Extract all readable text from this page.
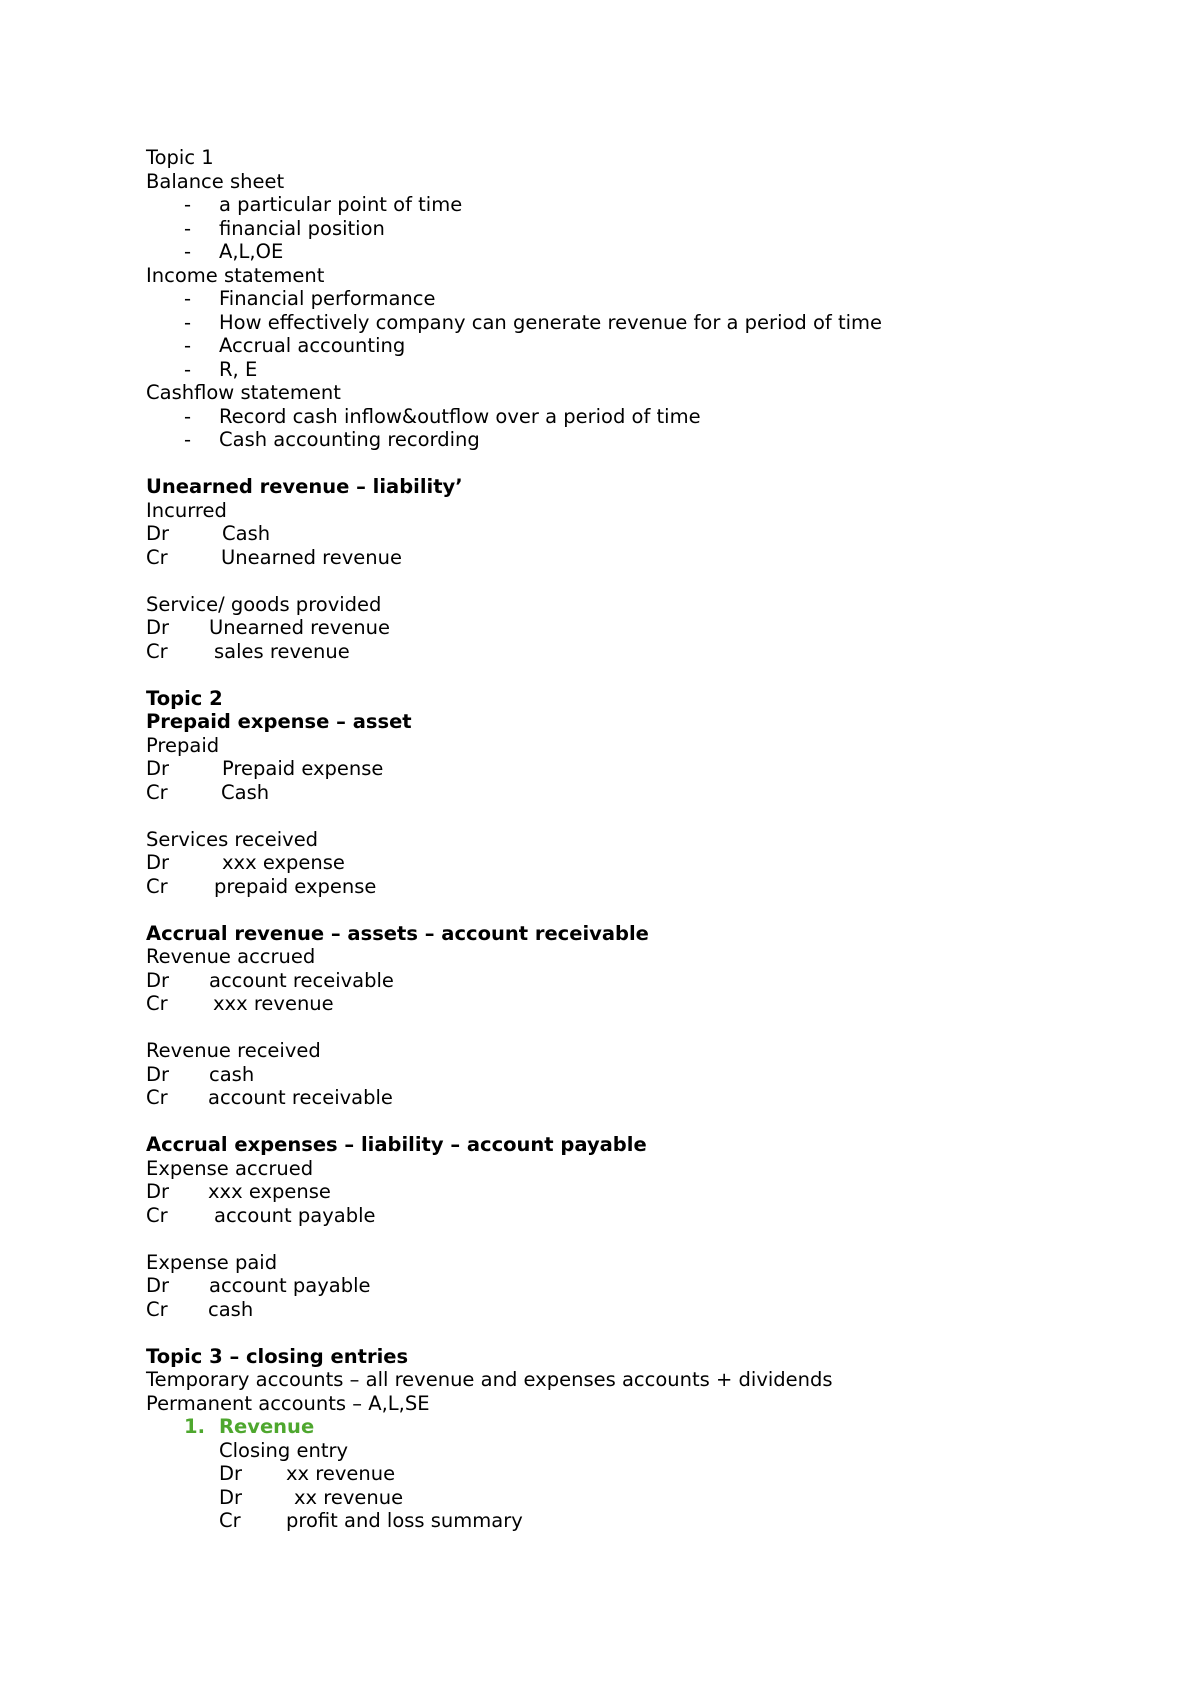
Topic 1
Balance sheet
- a particular point of time
- financial position
- A,L,OE
Income statement
- Financial performance
- How effectively company can generate revenue for a period of time
- Accrual accounting
- R, E
Cashflow statement
- Record cash inflow&outflow over a period of time
- Cash accounting recording
Unearned revenue – liability’
Incurred
Dr	Cash
Cr	Unearned revenue
Service/ goods provided
Dr Unearned revenue
Cr sales revenue
Topic 2
Prepaid expense – asset
Prepaid
Dr	Prepaid expense
Cr	Cash
Services received
Dr	xxx expense
Cr prepaid expense
Accrual revenue – assets – account receivable
Revenue accrued
Dr account receivable
Cr xxx revenue
Revenue received
Dr cash
Cr account receivable
Accrual expenses – liability – account payable
Expense accrued
Dr xxx expense
Cr account payable
Expense paid
Dr account payable
Cr cash
Topic 3 – closing entries
Temporary accounts – all revenue and expenses accounts + dividends
Permanent accounts – A,L,SE
1. Revenue
Closing entry
Dr xx revenue
Dr	xx revenue
Cr profit and loss summary
